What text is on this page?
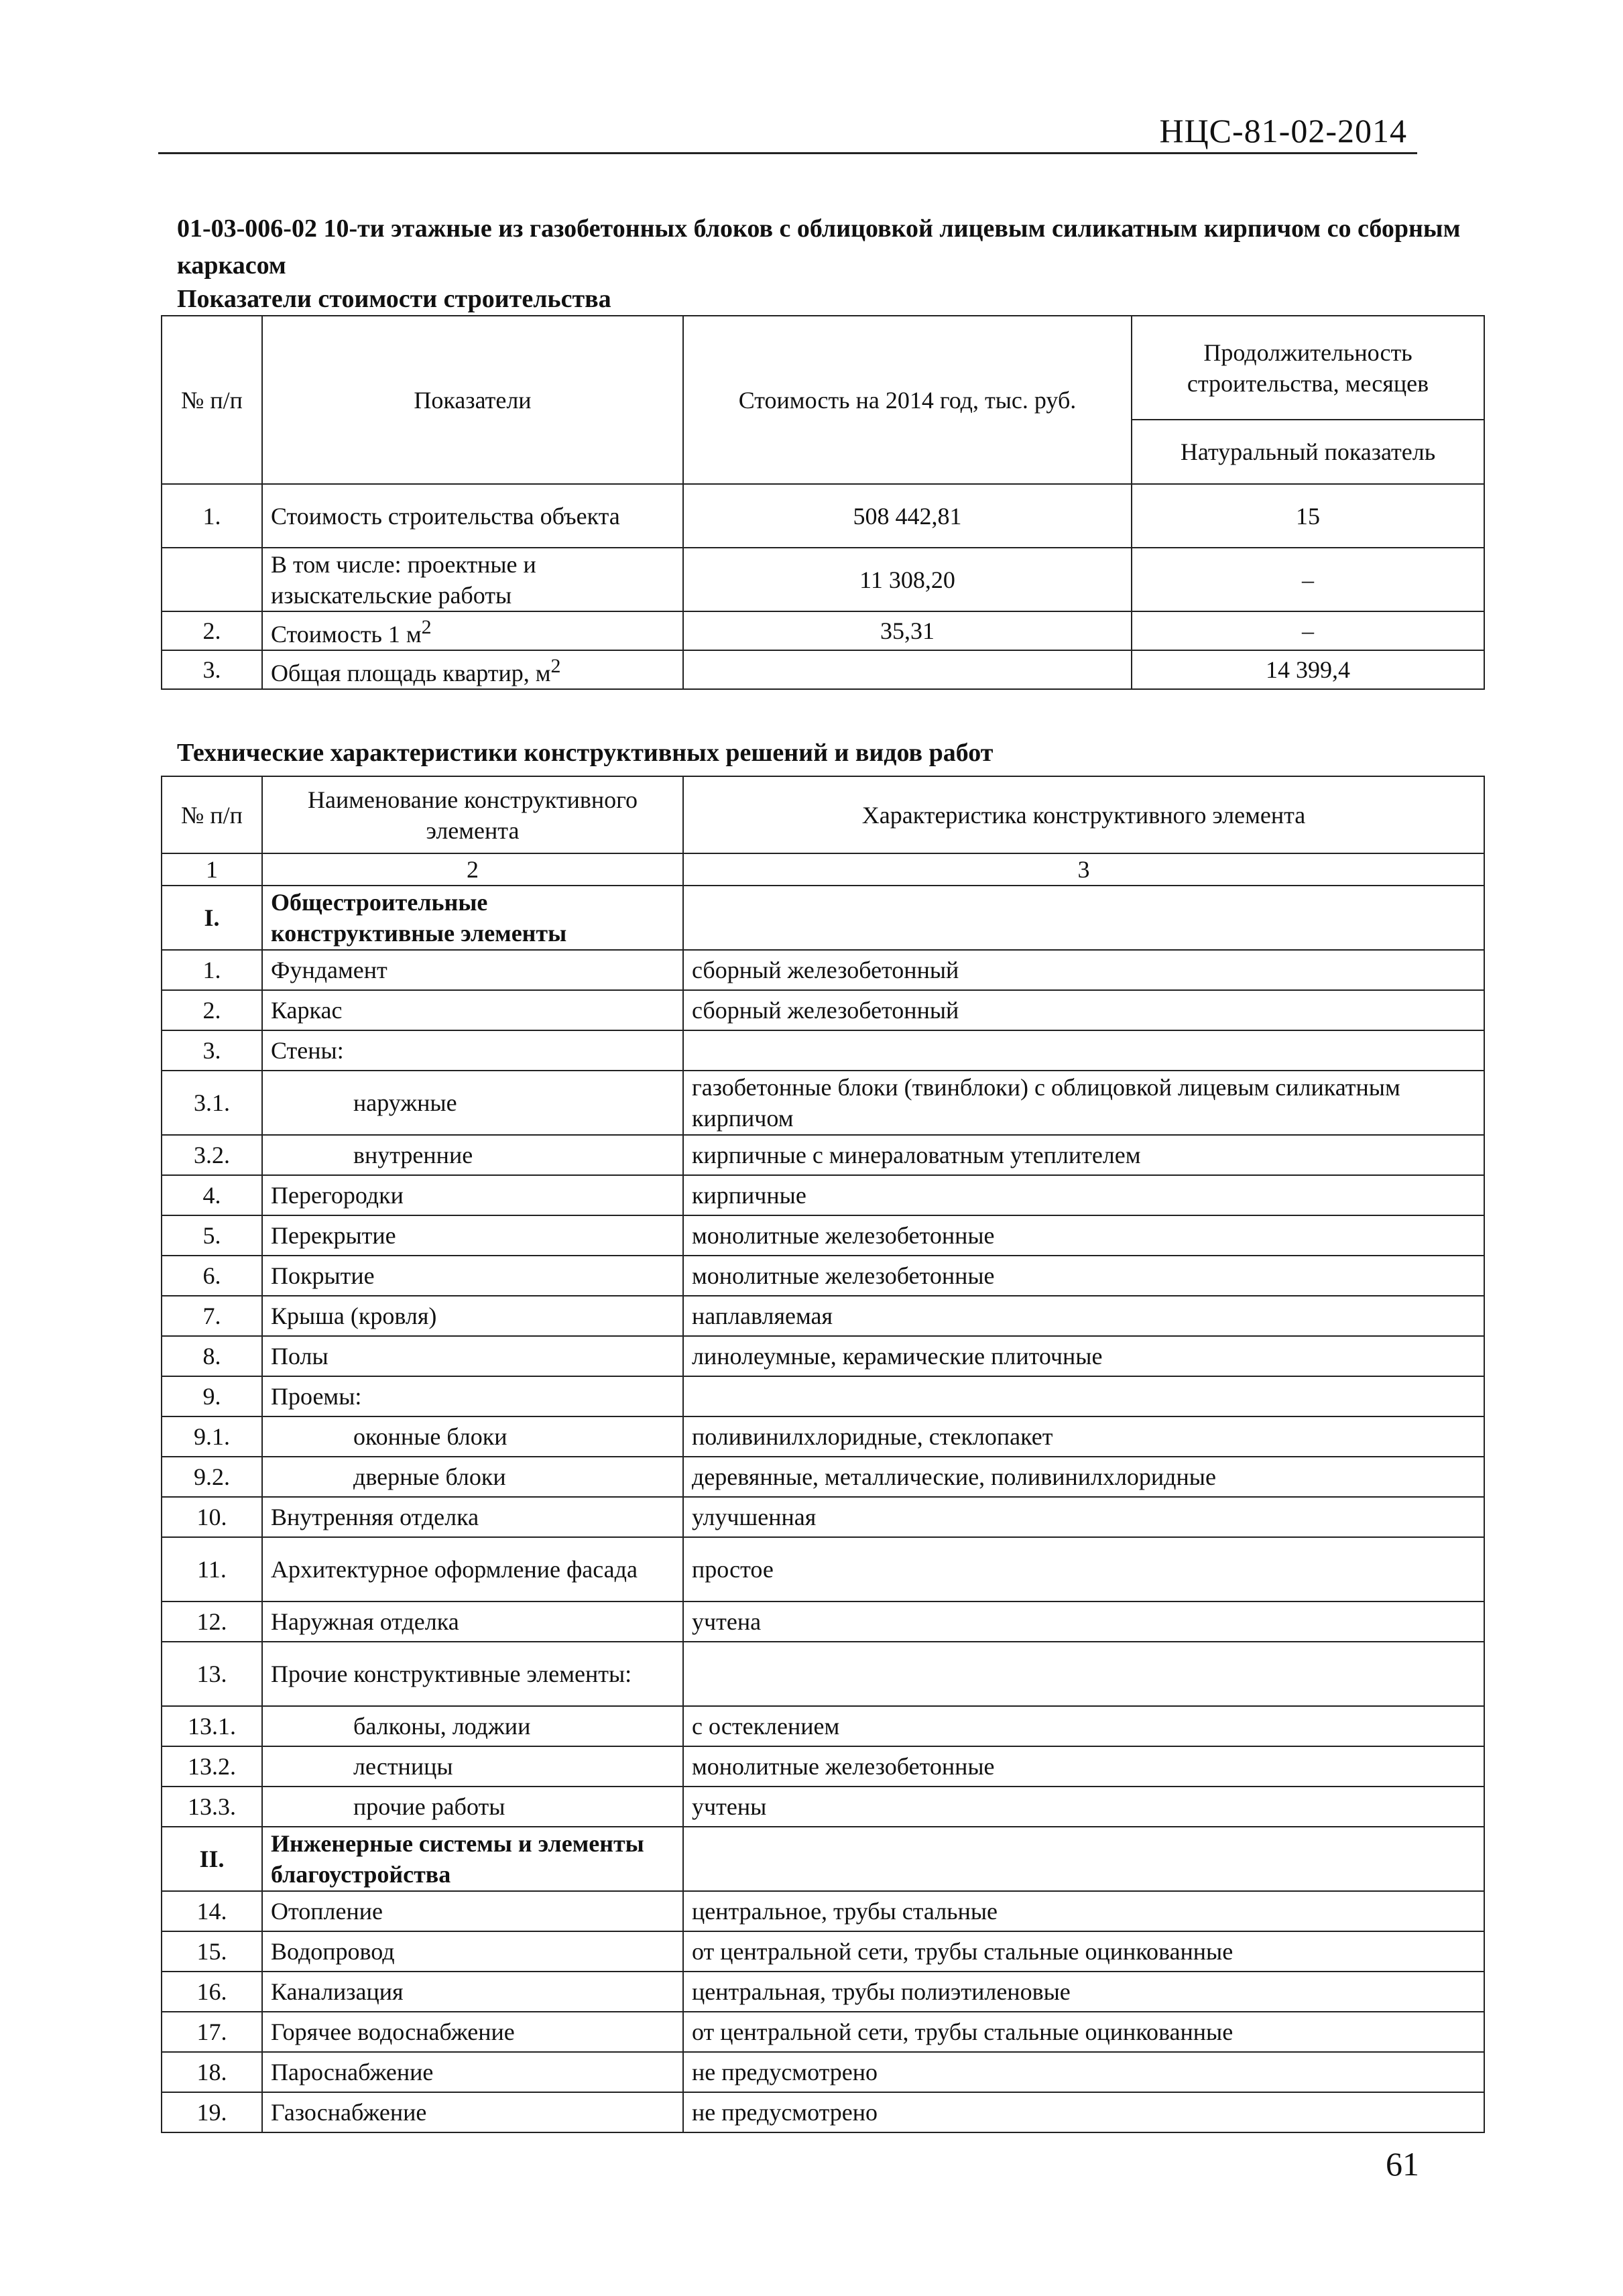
НЦС-81-02-2014
01-03-006-02 10-ти этажные из газобетонных блоков с облицовкой лицевым силикатным кирпичом со сборным каркасом
Показатели стоимости строительства
№ п/п	Показатели	Стоимость на 2014 год, тыс. руб.	Продолжительность строительства, месяцев
			Натуральный показатель
1.	Стоимость строительства объекта	508 442,81	15
	В том числе: проектные и изыскательские работы	11 308,20	–
2.	Стоимость 1 $м^2$	35,31	–
3.	Общая площадь квартир, $м^2$		14 399,4
Технические характеристики конструктивных решений и видов работ
№ п/п	Наименование конструктивного элемента	Характеристика конструктивного элемента
1	2	3
I.	Общестроительные конструктивные элементы	
1.	Фундамент	сборный железобетонный
2.	Каркас	сборный железобетонный
3.	Стены:	
3.1.	наружные	газобетонные блоки (твинблоки) с облицовкой лицевым силикатным кирпичом
3.2.	внутренние	кирпичные с минераловатным утеплителем
4.	Перегородки	кирпичные
5.	Перекрытие	монолитные железобетонные
6.	Покрытие	монолитные железобетонные
7.	Крыша (кровля)	наплавляемая
8.	Полы	линолеумные, керамические плиточные
9.	Проемы:	
9.1.	оконные блоки	поливинилхлоридные, стеклопакет
9.2.	дверные блоки	деревянные, металлические, поливинилхлоридные
10.	Внутренняя отделка	улучшенная
11.	Архитектурное оформление фасада	простое
12.	Наружная отделка	учтена
13.	Прочие конструктивные элементы:	
13.1.	балконы, лоджии	с остеклением
13.2.	лестницы	монолитные железобетонные
13.3.	прочие работы	учтены
II.	Инженерные системы и элементы благоустройства	
14.	Отопление	центральное, трубы стальные
15.	Водопровод	от центральной сети, трубы стальные оцинкованные
16.	Канализация	центральная, трубы полиэтиленовые
17.	Горячее водоснабжение	от центральной сети, трубы стальные оцинкованные
18.	Пароснабжение	не предусмотрено
19.	Газоснабжение	не предусмотрено
61
